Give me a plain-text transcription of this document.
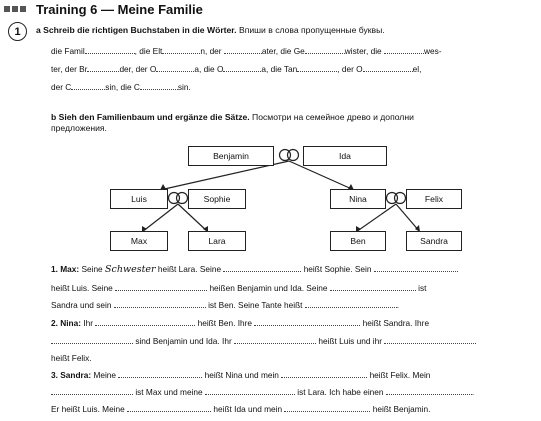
Training 6 — Meine Familie
1	a Schreib die richtigen Buchstaben in die Wörter. Впиши в слова пропущенные буквы.
die Famil	, die Elt	n, der	ater, die Ge	wister, die	wes-
ter, der Br	der, der O	a, die O	a, die Tan	, der O	el,
der C	sin, die C	sin.
b Sieh den Familienbaum und ergänze die Sätze. Посмотри на семейное древо и дополни
предложения.
Benjamin	Ida
Luis	Sophie	Nina	Felix
Max	Lara	Ben	Sandra
1. Max: Seine Schwester heißt Lara. Seine	heißt Sophie. Sein
heißt Luis. Seine	heißen Benjamin und Ida. Seine	ist
Sandra und sein	ist Ben. Seine Tante heißt	.
2. Nina: Ihr	heißt Ben. Ihre	heißt Sandra. Ihre
sind Benjamin und Ida. Ihr	heißt Luis und ihr
heißt Felix.
3. Sandra: Meine	heißt Nina und mein	heißt Felix. Mein
ist Max und meine	ist Lara. Ich habe einen	.
Er heißt Luis. Meine	heißt Ida und mein	heißt Benjamin.
